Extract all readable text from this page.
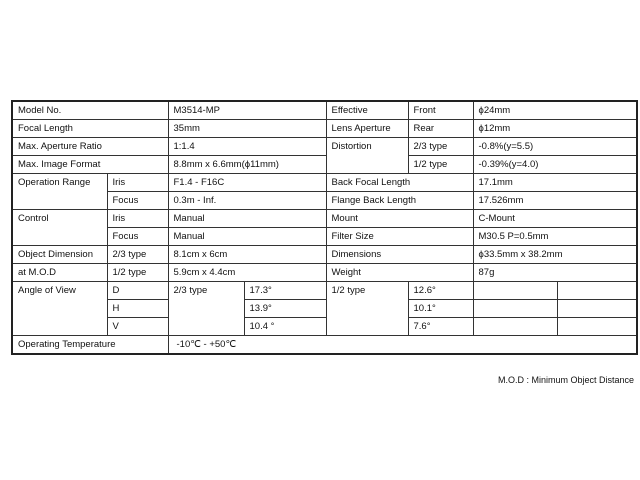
Model No.		M3514-MP		Effective	Front	ϕ24mm	
Focal Length		35mm		Lens Aperture	Rear	ϕ12mm	
Max. Aperture Ratio		1:1.4		Distortion	2/3 type	-0.8%(y=5.5)	
Max. Image Format		8.8mm x 6.6mm(ϕ11mm)			1/2 type	-0.39%(y=4.0)	
Operation Range	Iris	F1.4 - F16C		Back Focal Length		17.1mm	
	Focus	0.3m - Inf.		Flange Back Length		17.526mm	
Control	Iris	Manual		Mount		C-Mount	
	Focus	Manual		Filter Size		M30.5 P=0.5mm	
Object Dimension	2/3 type	8.1cm x 6cm		Dimensions		ϕ33.5mm x 38.2mm	
at M.O.D	1/2 type	5.9cm x 4.4cm		Weight		87g	
Angle of View	D	2/3 type	17.3°	1/2 type	12.6°		
	H		13.9°		10.1°		
	V		10.4 °		7.6°		
Operating Temperature		-10℃ - +50℃					
M.O.D : Minimum Object Distance
